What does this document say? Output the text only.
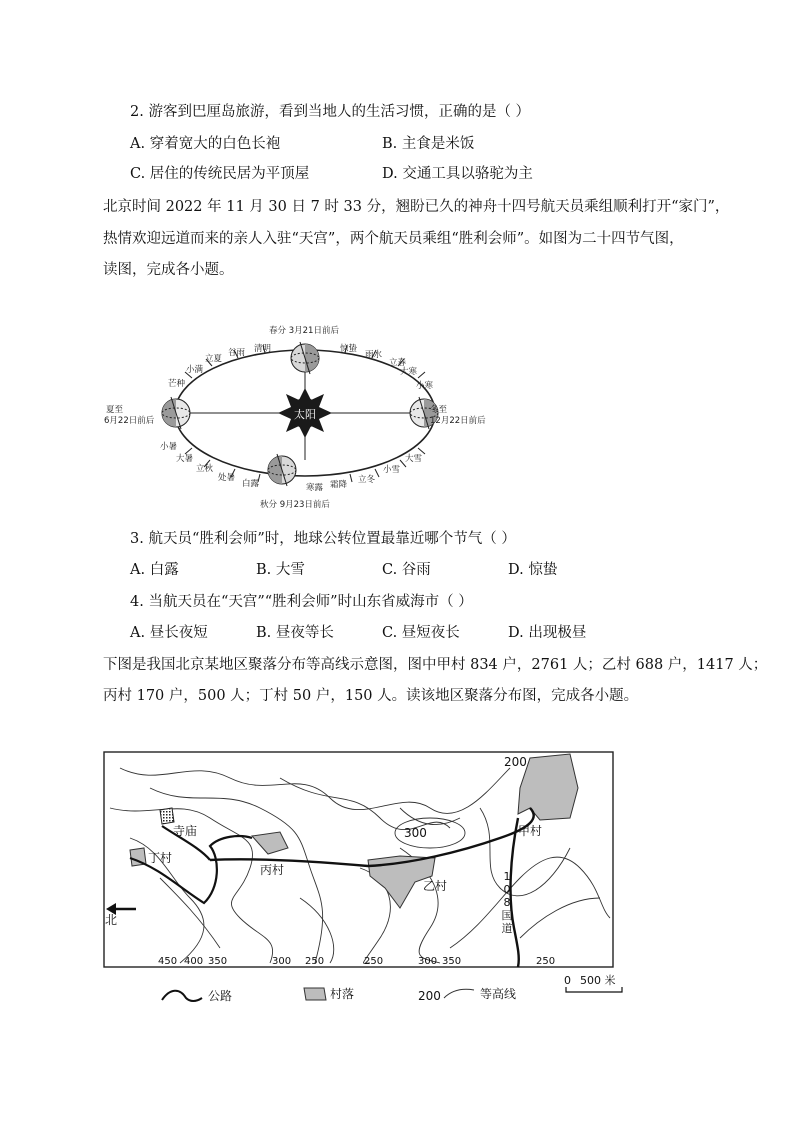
2. 游客到巴厘岛旅游，看到当地人的生活习惯，正确的是（ ）
A. 穿着宽大的白色长袍	B. 主食是米饭
C. 居住的传统民居为平顶屋	D. 交通工具以骆驼为主
北京时间 2022 年 11 月 30 日 7 时 33 分，翘盼已久的神舟十四号航天员乘组顺利打开“家门”，
热情欢迎远道而来的亲人入驻“天宫”，两个航天员乘组“胜利会师”。如图为二十四节气图，
读图，完成各小题。
太阳
春分 3月21日前后
惊蛰
雨水
立春
大寒
小寒
清明
谷雨
立夏
小满
芒种
夏至
6月22日前后
冬至
12月22日前后
小暑
大暑
立秋
处暑
白露
秋分 9月23日前后
寒露 霜降 立冬
小雪
大雪
3. 航天员“胜利会师”时，地球公转位置最靠近哪个节气（ ）
A. 白露	B. 大雪	C. 谷雨	D. 惊蛰
4. 当航天员在“天宫”“胜利会师”时山东省威海市（ ）
A. 昼长夜短	B. 昼夜等长	C. 昼短夜长	D. 出现极昼
下图是我国北京某地区聚落分布等高线示意图，图中甲村 834 户，2761 人；乙村 688 户，1417 人；
丙村 170 户，500 人；丁村 50 户，150 人。读该地区聚落分布图，完成各小题。
200
甲村
300
乙村
丙村
丁村
寺庙
北
1
0
8
国
道
450 400 350	300 250	250	300 350	250
0 500 米
公路	村落	200	等高线
